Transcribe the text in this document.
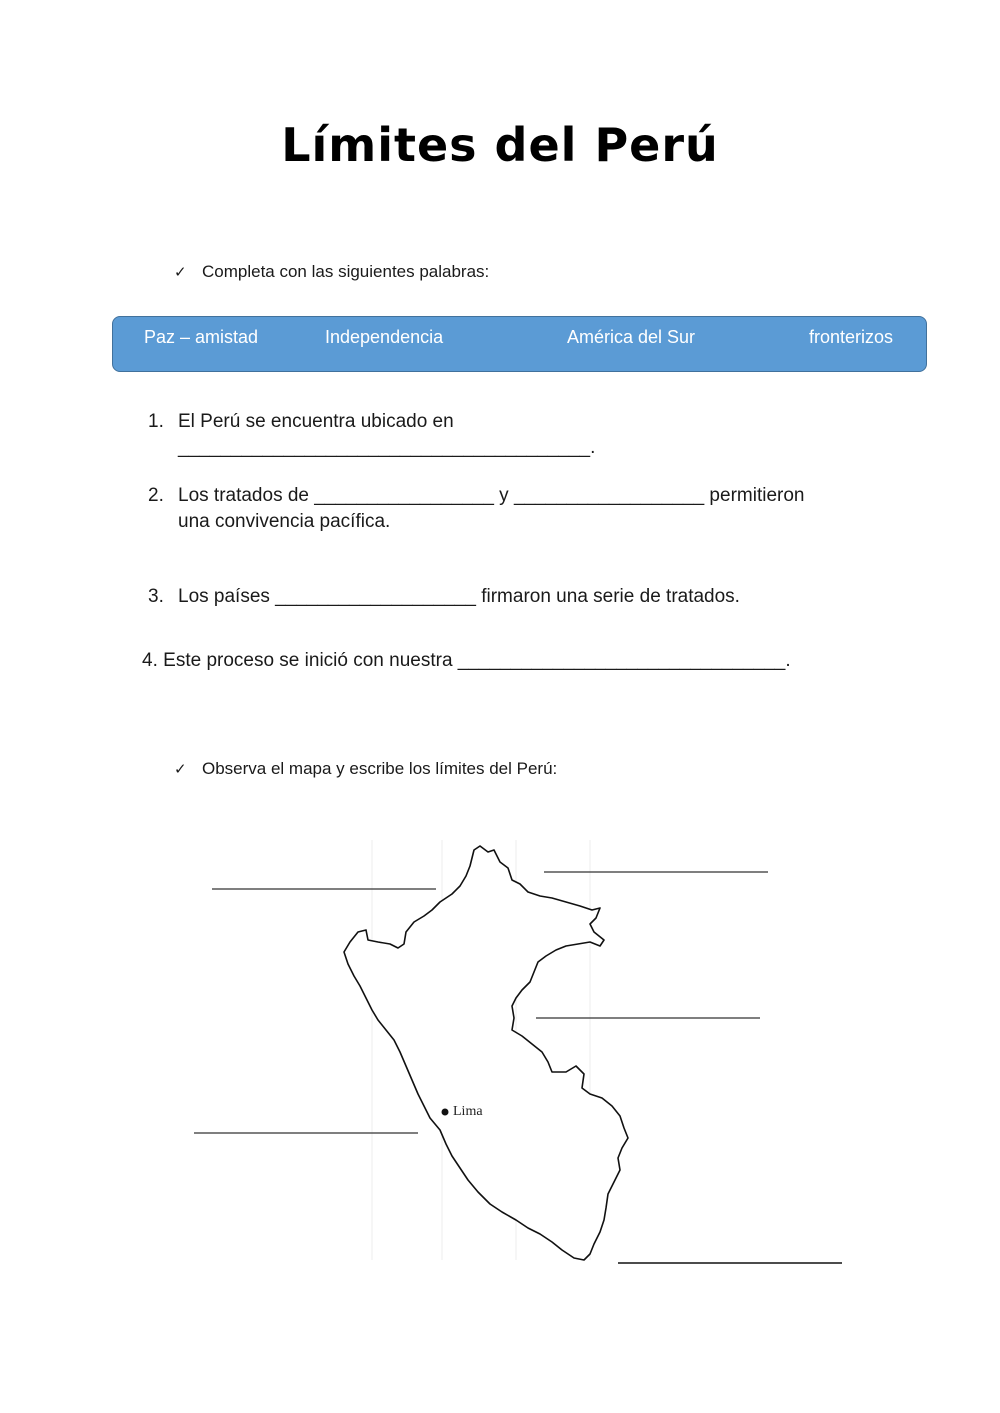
Límites del Perú
✓ Completa con las siguientes palabras:
Paz – amistad	Independencia	América del Sur	fronterizos
1. El Perú se encuentra ubicado en
_______________________________________.
2. Los tratados de _________________ y __________________ permitieron
una convivencia pacífica.
3. Los países ___________________ firmaron una serie de tratados.
4. Este proceso se inició con nuestra _______________________________.
✓ Observa el mapa y escribe los límites del Perú:
Lima
